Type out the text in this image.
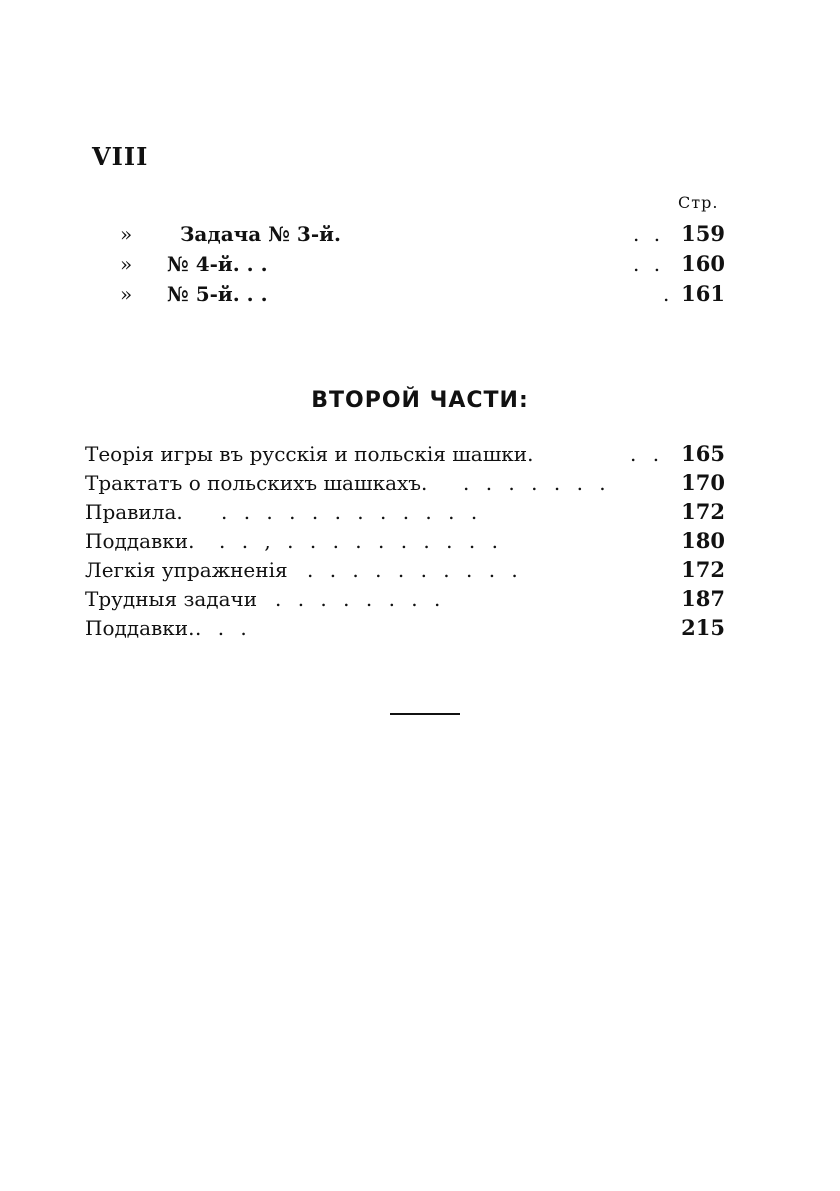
VIII
Стр.
» Задача № 3-й.	. . 159
» № 4-й. . .	. . 160
» № 5-й. . .	. 161
ВТОРОЙ ЧАСТИ:
Теорія игры въ русскія и польскія шашки.	. . 165
Трактатъ о польскихъ шашкахъ. . . . . . . .	170
Правила. . . . . . . . . . . . .	172
Поддавки. . . , . . . . . . . . . .	180
Легкія упражненія . . . . . . . . . .	172
Трудныя задачи . . . . . . . .	187
Поддавки. . . .	215
